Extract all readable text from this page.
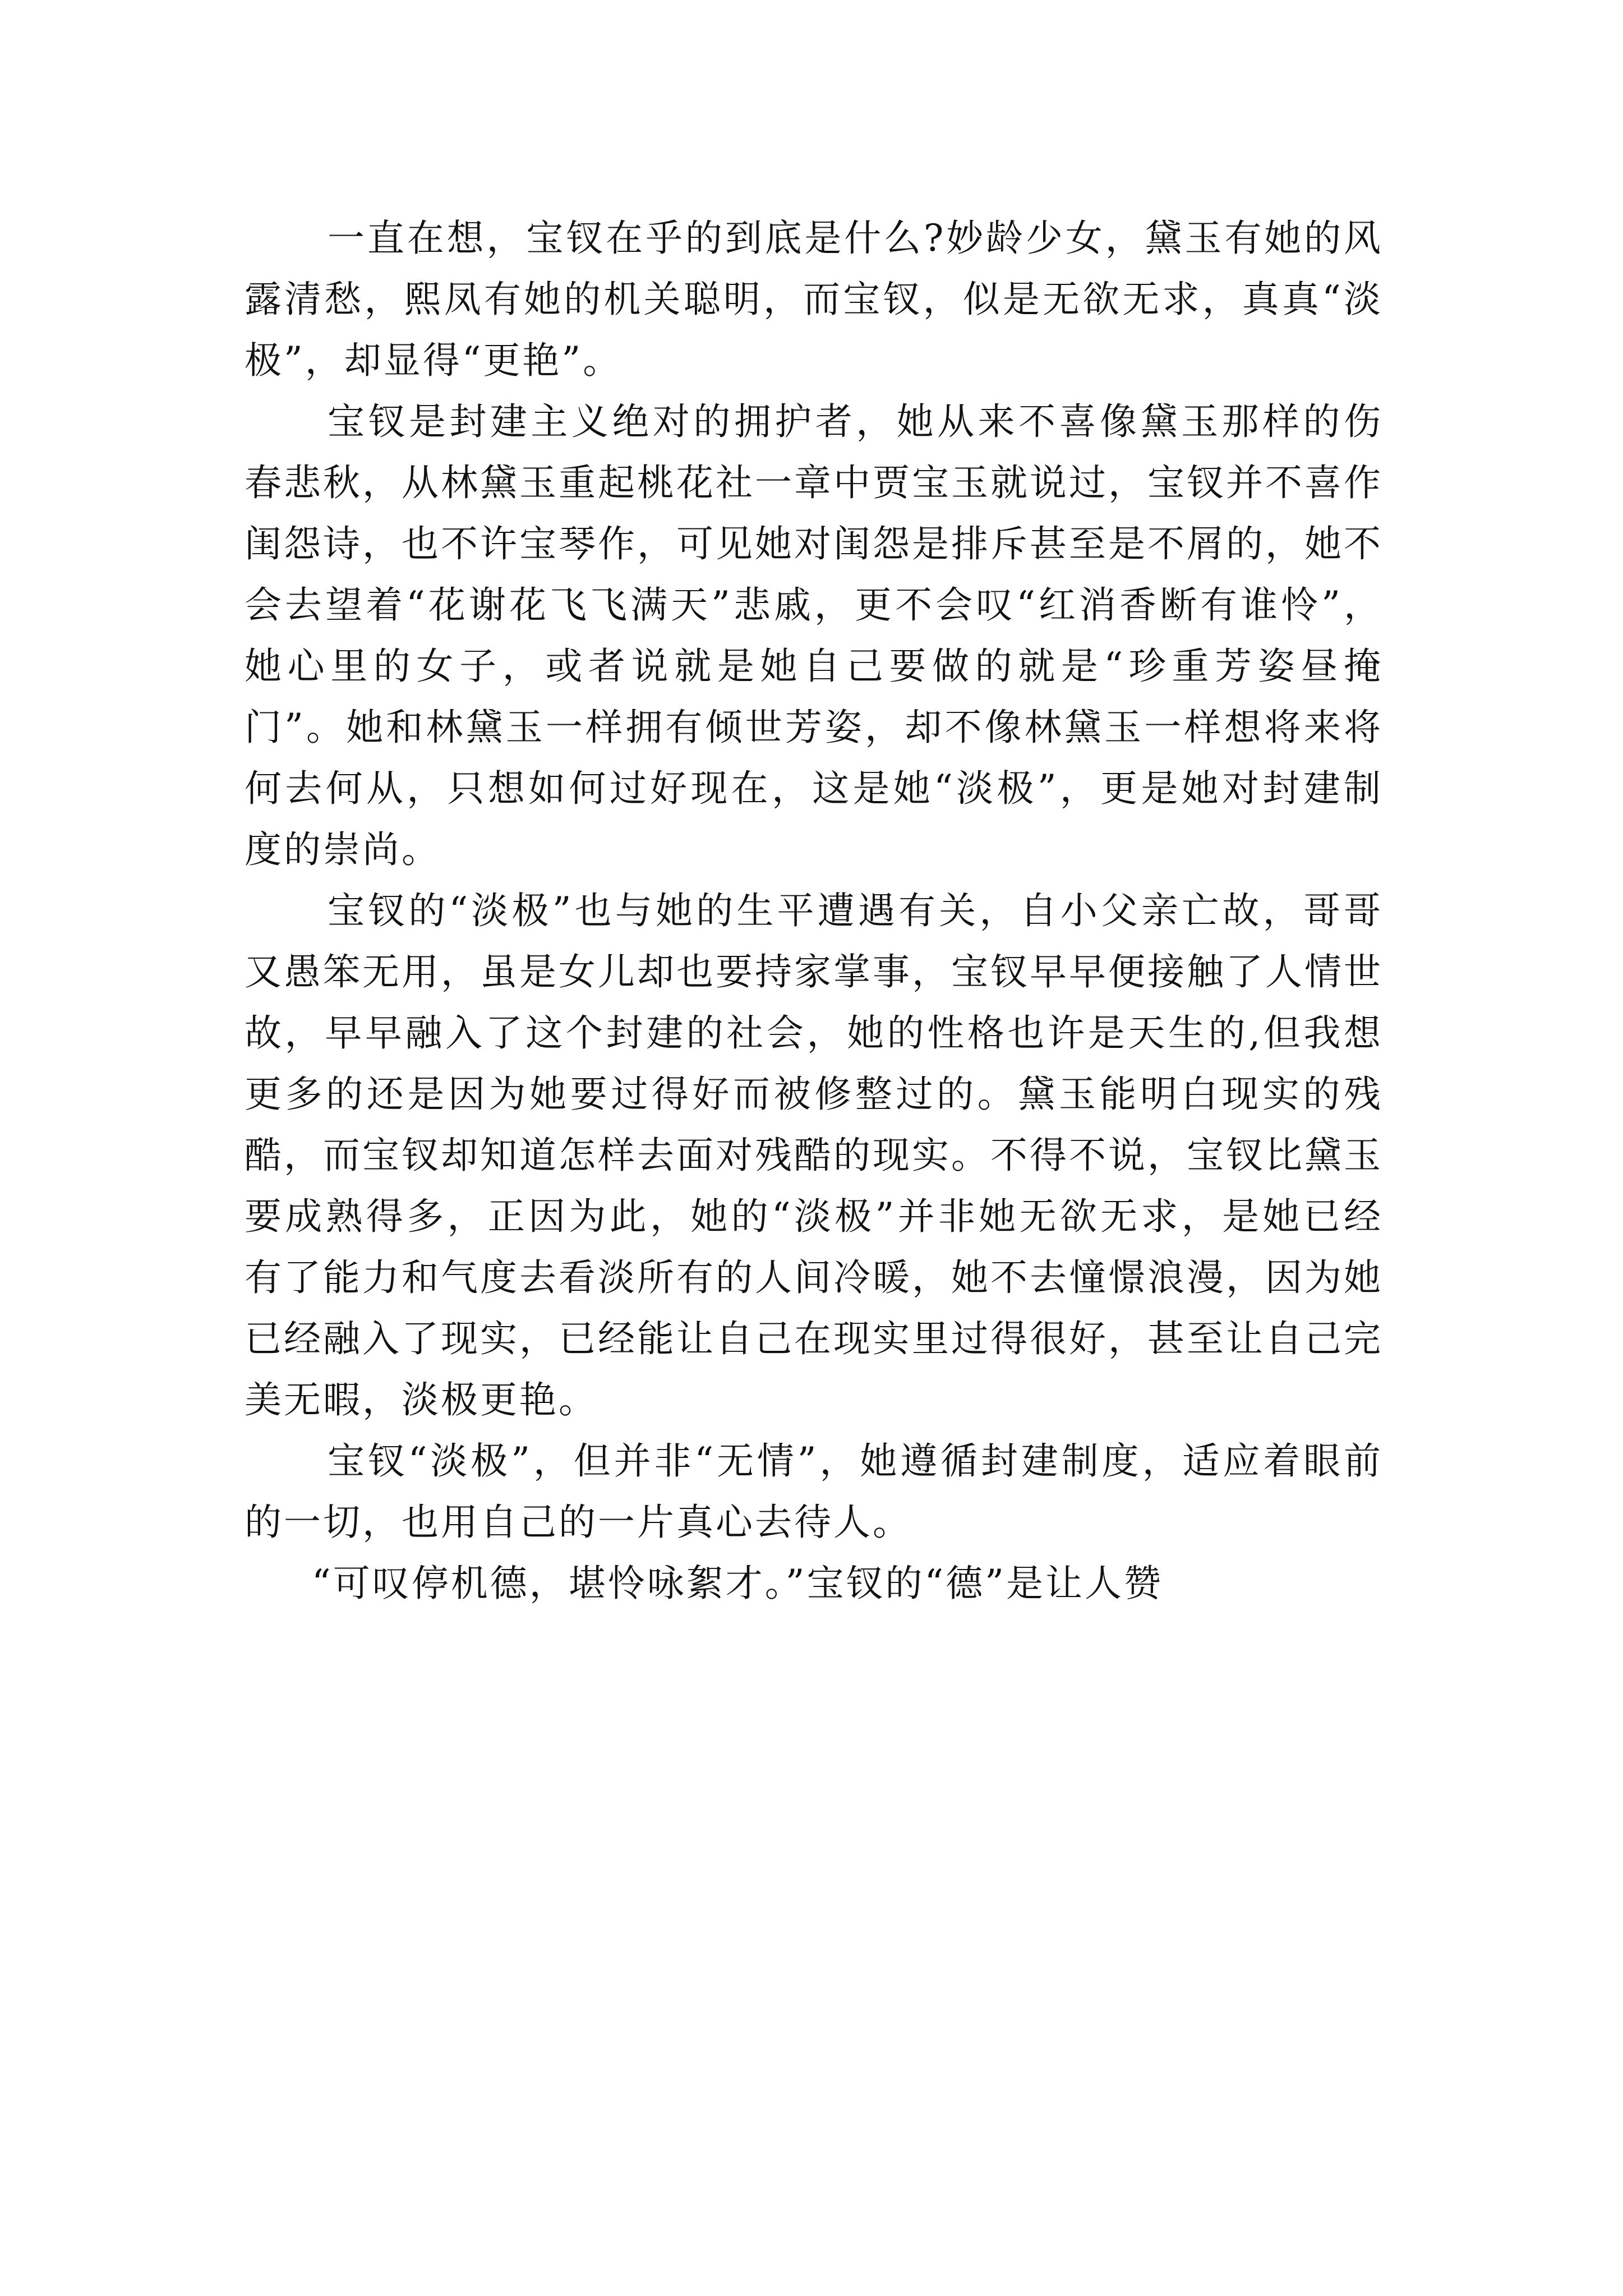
一直在想，宝钗在乎的到底是什么?妙龄少女，黛玉有她的风露清愁，熙凤有她的机关聪明，而宝钗，似是无欲无求，真真“淡极”，却显得“更艳”。

宝钗是封建主义绝对的拥护者，她从来不喜像黛玉那样的伤春悲秋，从林黛玉重起桃花社一章中贾宝玉就说过，宝钗并不喜作闺怨诗，也不许宝琴作，可见她对闺怨是排斥甚至是不屑的，她不会去望着“花谢花飞飞满天”悲戚，更不会叹“红消香断有谁怜”，她心里的女子，或者说就是她自己要做的就是“珍重芳姿昼掩门”。她和林黛玉一样拥有倾世芳姿，却不像林黛玉一样想将来将何去何从，只想如何过好现在，这是她“淡极”，更是她对封建制度的崇尚。

宝钗的“淡极”也与她的生平遭遇有关，自小父亲亡故，哥哥又愚笨无用，虽是女儿却也要持家掌事，宝钗早早便接触了人情世故，早早融入了这个封建的社会，她的性格也许是天生的,但我想更多的还是因为她要过得好而被修整过的。黛玉能明白现实的残酷，而宝钗却知道怎样去面对残酷的现实。不得不说，宝钗比黛玉要成熟得多，正因为此，她的“淡极”并非她无欲无求，是她已经有了能力和气度去看淡所有的人间冷暖，她不去憧憬浪漫，因为她已经融入了现实，已经能让自己在现实里过得很好，甚至让自己完美无暇，淡极更艳。

宝钗“淡极”，但并非“无情”，她遵循封建制度，适应着眼前的一切，也用自己的一片真心去待人。

“可叹停机德，堪怜咏絮才。”宝钗的“德”是让人赞
